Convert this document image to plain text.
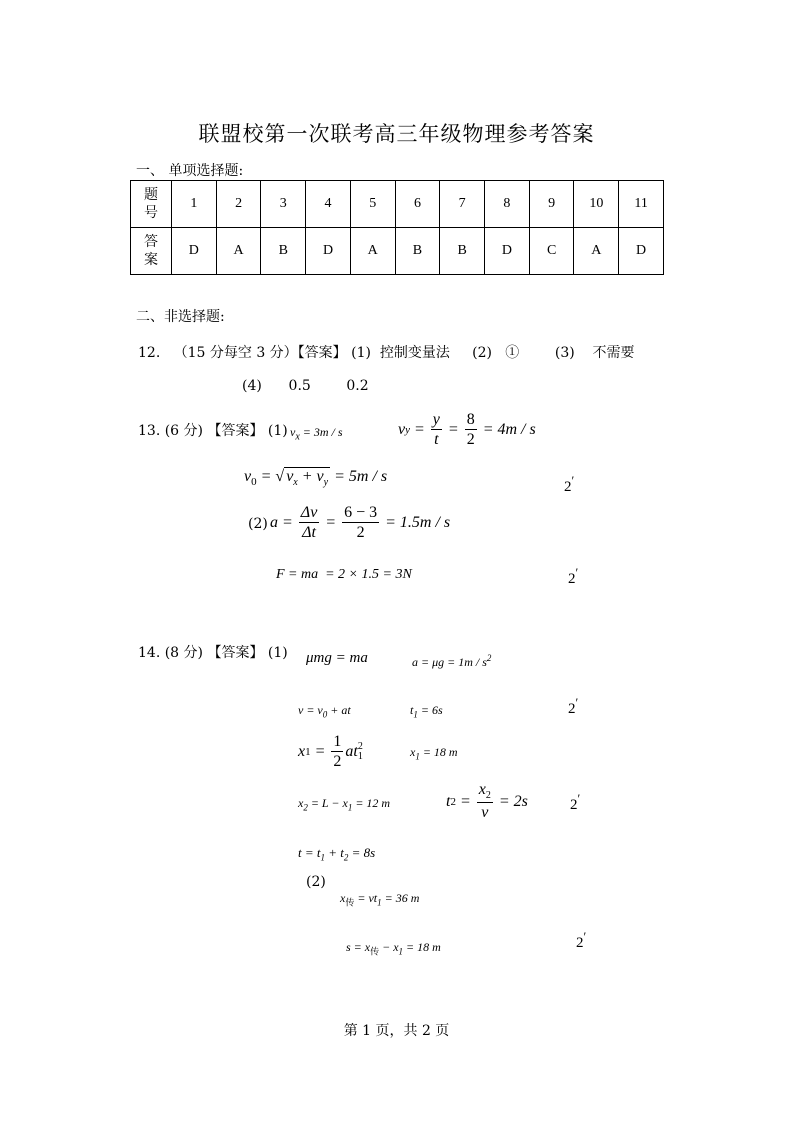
联盟校第一次联考高三年级物理参考答案
一、 单项选择题:
题
号	1	2	3	4	5	6	7	8	9	10	11
答
案	D	A	B	D	A	B	B	D	C	A	D
二、非选择题:
12.   （15 分每空 3 分）【答案】 (1)  控制变量法     (2)   ①        (3)    不需要
(4)      0.5        0.2
13. (6 分) 【答案】 (1) $v_x = 3m / s$	v $y = \frac{y}{t} = \frac{8}{2} = 4m / s$
$v_0$ = √ $v_x + v_y = 5m / s$
2′
(2) $a = \frac{\Delta v}{\Delta t} = \frac{6 - 3}{2} = 1.5m / s$
F = ma  = 2 × 1.5 = 3N	2′
14. (8 分) 【答案】 (1) μmg = ma	$a = \mu g = 1m / s^2$
$v = v_0$ + at	$t_1 = 6s$	2′
x $1 = \frac{1}{2}$ at 2
1	$x_1 = 18$ m
$x_2 = L - x_1 = 12$ m	t $2 = \frac{x_2}{v} = 2s$	2′
$t = t_1 + t_2 = 8s$
(2)
$x_传 = vt_1 = 36$ m
$s = x_传 - x_1 = 18$ m	2′
第 1 页，共 2 页
